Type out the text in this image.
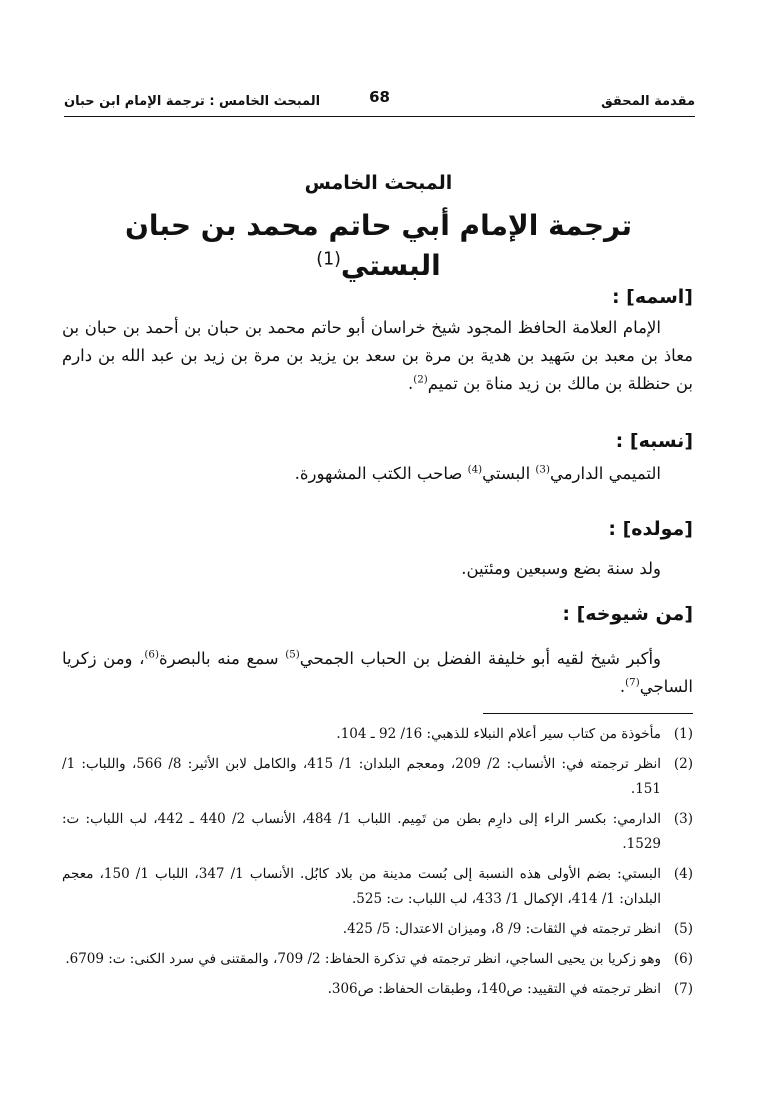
مقدمة المحقق
68
المبحث الخامس : ترجمة الإمام ابن حبان
المبحث الخامس
ترجمة الإمام أبي حاتم محمد بن حبان البستي$^{(1)}$
[اسمه] :
الإمام العلامة الحافظ المجود شيخ خراسان أبو حاتم محمد بن حبان بن أحمد بن حبان بن معاذ بن معبد بن سَهيد بن هدية بن مرة بن سعد بن يزيد بن مرة بن زيد بن عبد الله بن دارم بن حنظلة بن مالك بن زيد مناة بن تميم$^{(2)}$.
[نسبه] :
التميمي الدارمي$^{(3)}$ البستي$^{(4)}$ صاحب الكتب المشهورة.
[مولده] :
ولد سنة بضع وسبعين ومئتين.
[من شيوخه] :
وأكبر شيخ لقيه أبو خليفة الفضل بن الحباب الجمحي$^{(5)}$ سمع منه بالبصرة$^{(6)}$، ومن زكريا الساجي$^{(7)}$.
(1)
مأخوذة من كتاب سير أعلام النبلاء للذهبي: 16/ 92 ـ 104.
(2)
انظر ترجمته في: الأنساب: 2/ 209، ومعجم البلدان: 1/ 415، والكامل لابن الأثير: 8/ 566، واللباب: 1/ 151.
(3)
الدارمي: بكسر الراء إلى دارِم بطن من تَمِيم. اللباب 1/ 484، الأنساب 2/ 440 ـ 442، لب اللباب: ت: 1529.
(4)
البستي: بضم الأولى هذه النسبة إلى بُست مدينة من بلاد كابُل. الأنساب 1/ 347، اللباب 1/ 150، معجم البلدان: 1/ 414، الإكمال 1/ 433، لب اللباب: ت: 525.
(5)
انظر ترجمته في الثقات: 9/ 8، وميزان الاعتدال: 5/ 425.
(6)
وهو زكريا بن يحيى الساجي، انظر ترجمته في تذكرة الحفاظ: 2/ 709، والمقتنى في سرد الكنى: ت: 6709.
(7)
انظر ترجمته في التقييد: ص140، وطبقات الحفاظ: ص306.
